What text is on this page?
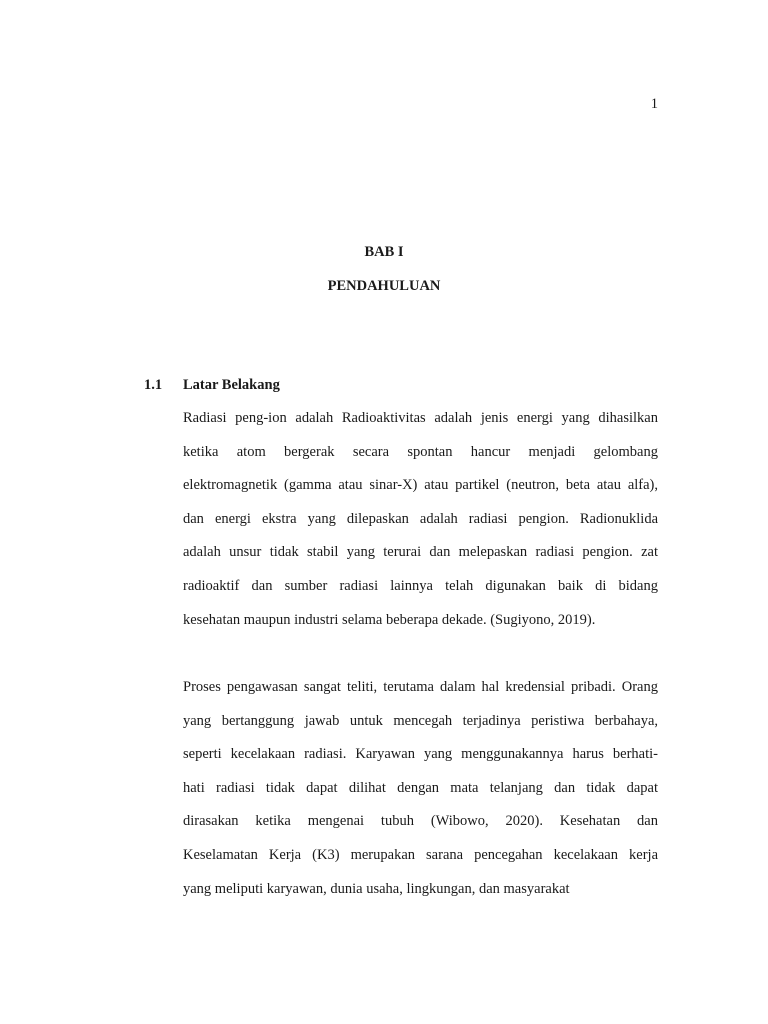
1
BAB I
PENDAHULUAN
1.1 Latar Belakang

Radiasi peng-ion adalah Radioaktivitas adalah jenis energi yang dihasilkan
ketika atom bergerak secara spontan hancur menjadi gelombang
elektromagnetik (gamma atau sinar-X) atau partikel (neutron, beta atau alfa),
dan energi ekstra yang dilepaskan adalah radiasi pengion. Radionuklida
adalah unsur tidak stabil yang terurai dan melepaskan radiasi pengion. zat
radioaktif dan sumber radiasi lainnya telah digunakan baik di bidang
kesehatan maupun industri selama beberapa dekade. (Sugiyono, 2019).

Proses pengawasan sangat teliti, terutama dalam hal kredensial pribadi. Orang
yang bertanggung jawab untuk mencegah terjadinya peristiwa berbahaya,
seperti kecelakaan radiasi. Karyawan yang menggunakannya harus berhati-
hati radiasi tidak dapat dilihat dengan mata telanjang dan tidak dapat
dirasakan ketika mengenai tubuh (Wibowo, 2020). Kesehatan dan
Keselamatan Kerja (K3) merupakan sarana pencegahan kecelakaan kerja
yang meliputi karyawan, dunia usaha, lingkungan, dan masyarakat
